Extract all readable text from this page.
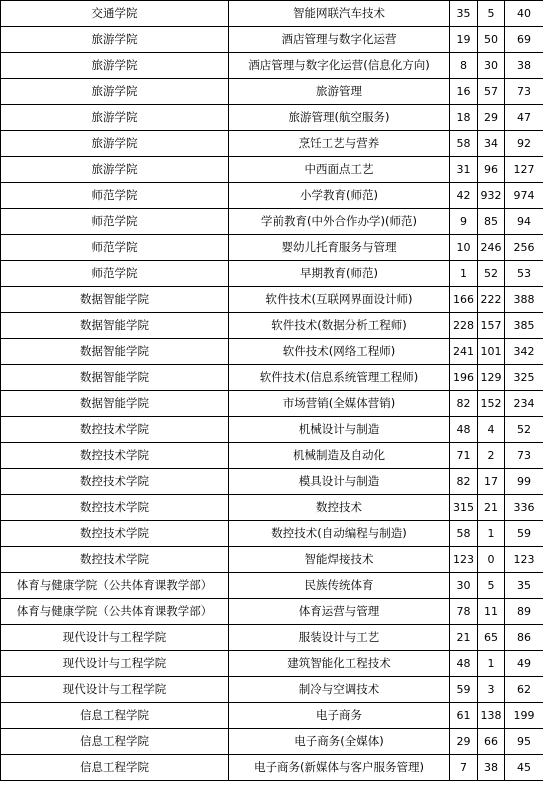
交通学院	智能网联汽车技术	35	5	40
旅游学院	酒店管理与数字化运营	19	50	69
旅游学院	酒店管理与数字化运营(信息化方向)	8	30	38
旅游学院	旅游管理	16	57	73
旅游学院	旅游管理(航空服务)	18	29	47
旅游学院	烹饪工艺与营养	58	34	92
旅游学院	中西面点工艺	31	96	127
师范学院	小学教育(师范)	42	932	974
师范学院	学前教育(中外合作办学)(师范)	9	85	94
师范学院	婴幼儿托育服务与管理	10	246	256
师范学院	早期教育(师范)	1	52	53
数据智能学院	软件技术(互联网界面设计师)	166	222	388
数据智能学院	软件技术(数据分析工程师)	228	157	385
数据智能学院	软件技术(网络工程师)	241	101	342
数据智能学院	软件技术(信息系统管理工程师)	196	129	325
数据智能学院	市场营销(全媒体营销)	82	152	234
数控技术学院	机械设计与制造	48	4	52
数控技术学院	机械制造及自动化	71	2	73
数控技术学院	模具设计与制造	82	17	99
数控技术学院	数控技术	315	21	336
数控技术学院	数控技术(自动编程与制造)	58	1	59
数控技术学院	智能焊接技术	123	0	123
体育与健康学院（公共体育课教学部）	民族传统体育	30	5	35
体育与健康学院（公共体育课教学部）	体育运营与管理	78	11	89
现代设计与工程学院	服装设计与工艺	21	65	86
现代设计与工程学院	建筑智能化工程技术	48	1	49
现代设计与工程学院	制冷与空调技术	59	3	62
信息工程学院	电子商务	61	138	199
信息工程学院	电子商务(全媒体)	29	66	95
信息工程学院	电子商务(新媒体与客户服务管理)	7	38	45
